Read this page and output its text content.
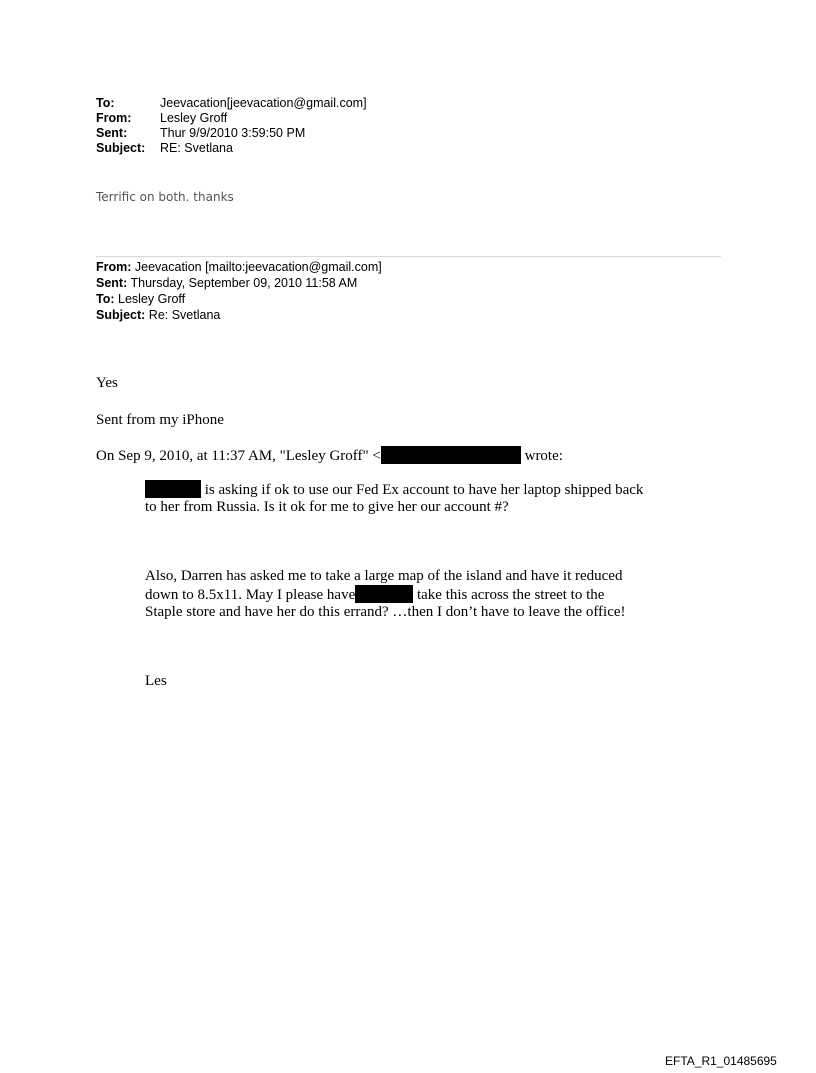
To:	Jeevacation[jeevacation@gmail.com]
From:	Lesley Groff
Sent:	Thur 9/9/2010 3:59:50 PM
Subject:	RE: Svetlana
Terrific on both. thanks
From: Jeevacation [mailto:jeevacation@gmail.com]
Sent: Thursday, September 09, 2010 11:58 AM
To: Lesley Groff
Subject: Re: Svetlana
Yes
Sent from my iPhone
On Sep 9, 2010, at 11:37 AM, "Lesley Groff" <	wrote:
is asking if ok to use our Fed Ex account to have her laptop shipped back
to her from Russia. Is it ok for me to give her our account #?
Also, Darren has asked me to take a large map of the island and have it reduced
down to 8.5x11. May I please have	take this across the street to the
Staple store and have her do this errand? …then I don’t have to leave the office!
Les
EFTA_R1_01485695
